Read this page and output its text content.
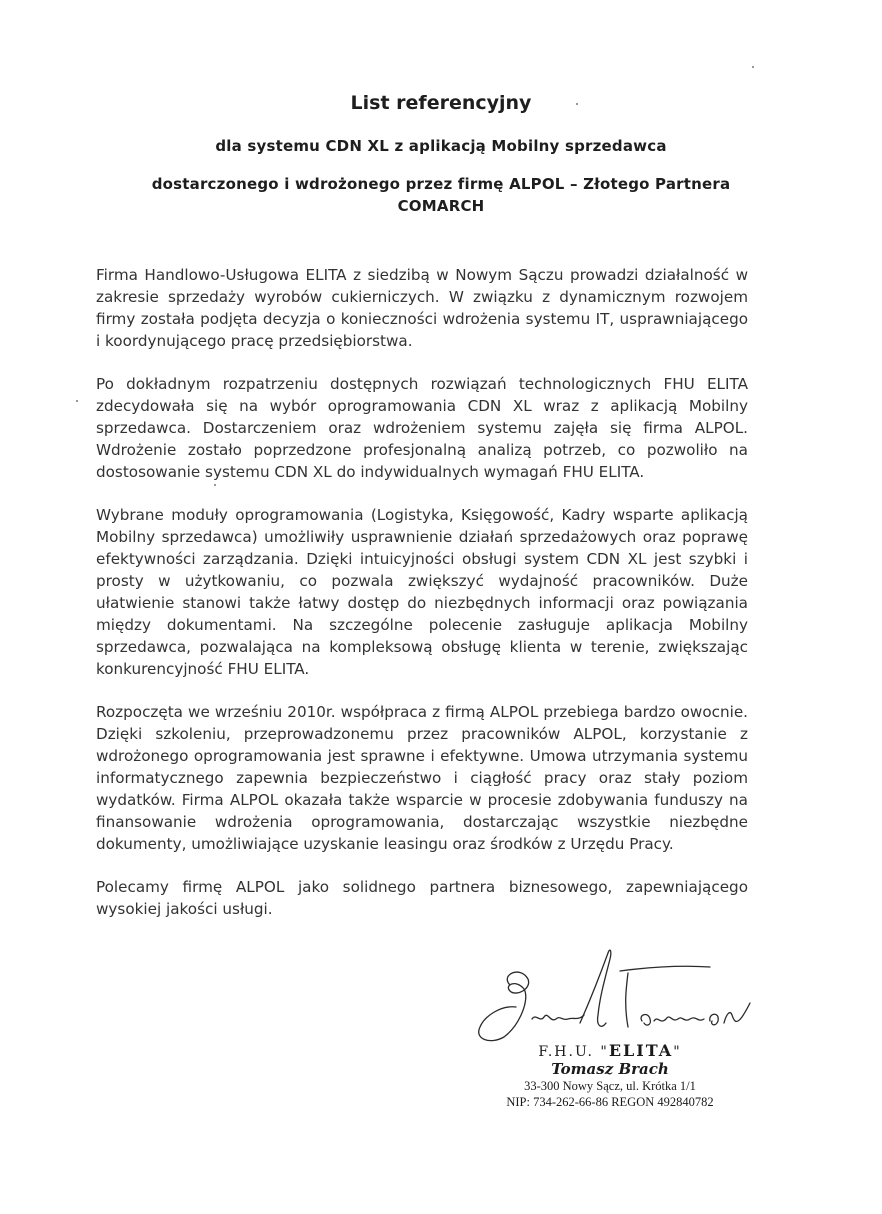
List referencyjny
dla systemu CDN XL z aplikacją Mobilny sprzedawca
dostarczonego i wdrożonego przez firmę ALPOL – Złotego Partnera
COMARCH

Firma Handlowo-Usługowa ELITA z siedzibą w Nowym Sączu prowadzi działalność w zakresie sprzedaży wyrobów cukierniczych. W związku z dynamicznym rozwojem firmy została podjęta decyzja o konieczności wdrożenia systemu IT, usprawniającego i koordynującego pracę przedsiębiorstwa.

Po dokładnym rozpatrzeniu dostępnych rozwiązań technologicznych FHU ELITA zdecydowała się na wybór oprogramowania CDN XL wraz z aplikacją Mobilny sprzedawca. Dostarczeniem oraz wdrożeniem systemu zajęła się firma ALPOL. Wdrożenie zostało poprzedzone profesjonalną analizą potrzeb, co pozwoliło na dostosowanie systemu CDN XL do indywidualnych wymagań FHU ELITA.

Wybrane moduły oprogramowania (Logistyka, Księgowość, Kadry wsparte aplikacją Mobilny sprzedawca) umożliwiły usprawnienie działań sprzedażowych oraz poprawę efektywności zarządzania. Dzięki intuicyjności obsługi system CDN XL jest szybki i prosty w użytkowaniu, co pozwala zwiększyć wydajność pracowników. Duże ułatwienie stanowi także łatwy dostęp do niezbędnych informacji oraz powiązania między dokumentami. Na szczególne polecenie zasługuje aplikacja Mobilny sprzedawca, pozwalająca na kompleksową obsługę klienta w terenie, zwiększając konkurencyjność FHU ELITA.

Rozpoczęta we wrześniu 2010r. współpraca z firmą ALPOL przebiega bardzo owocnie. Dzięki szkoleniu, przeprowadzonemu przez pracowników ALPOL, korzystanie z wdrożonego oprogramowania jest sprawne i efektywne. Umowa utrzymania systemu informatycznego zapewnia bezpieczeństwo i ciągłość pracy oraz stały poziom wydatków. Firma ALPOL okazała także wsparcie w procesie zdobywania funduszy na finansowanie wdrożenia oprogramowania, dostarczając wszystkie niezbędne dokumenty, umożliwiające uzyskanie leasingu oraz środków z Urzędu Pracy.

Polecamy firmę ALPOL jako solidnego partnera biznesowego, zapewniającego wysokiej jakości usługi.

F.H.U. "ELITA"
Tomasz Brach
33-300 Nowy Sącz, ul. Krótka 1/1
NIP: 734-262-66-86 REGON 492840782
